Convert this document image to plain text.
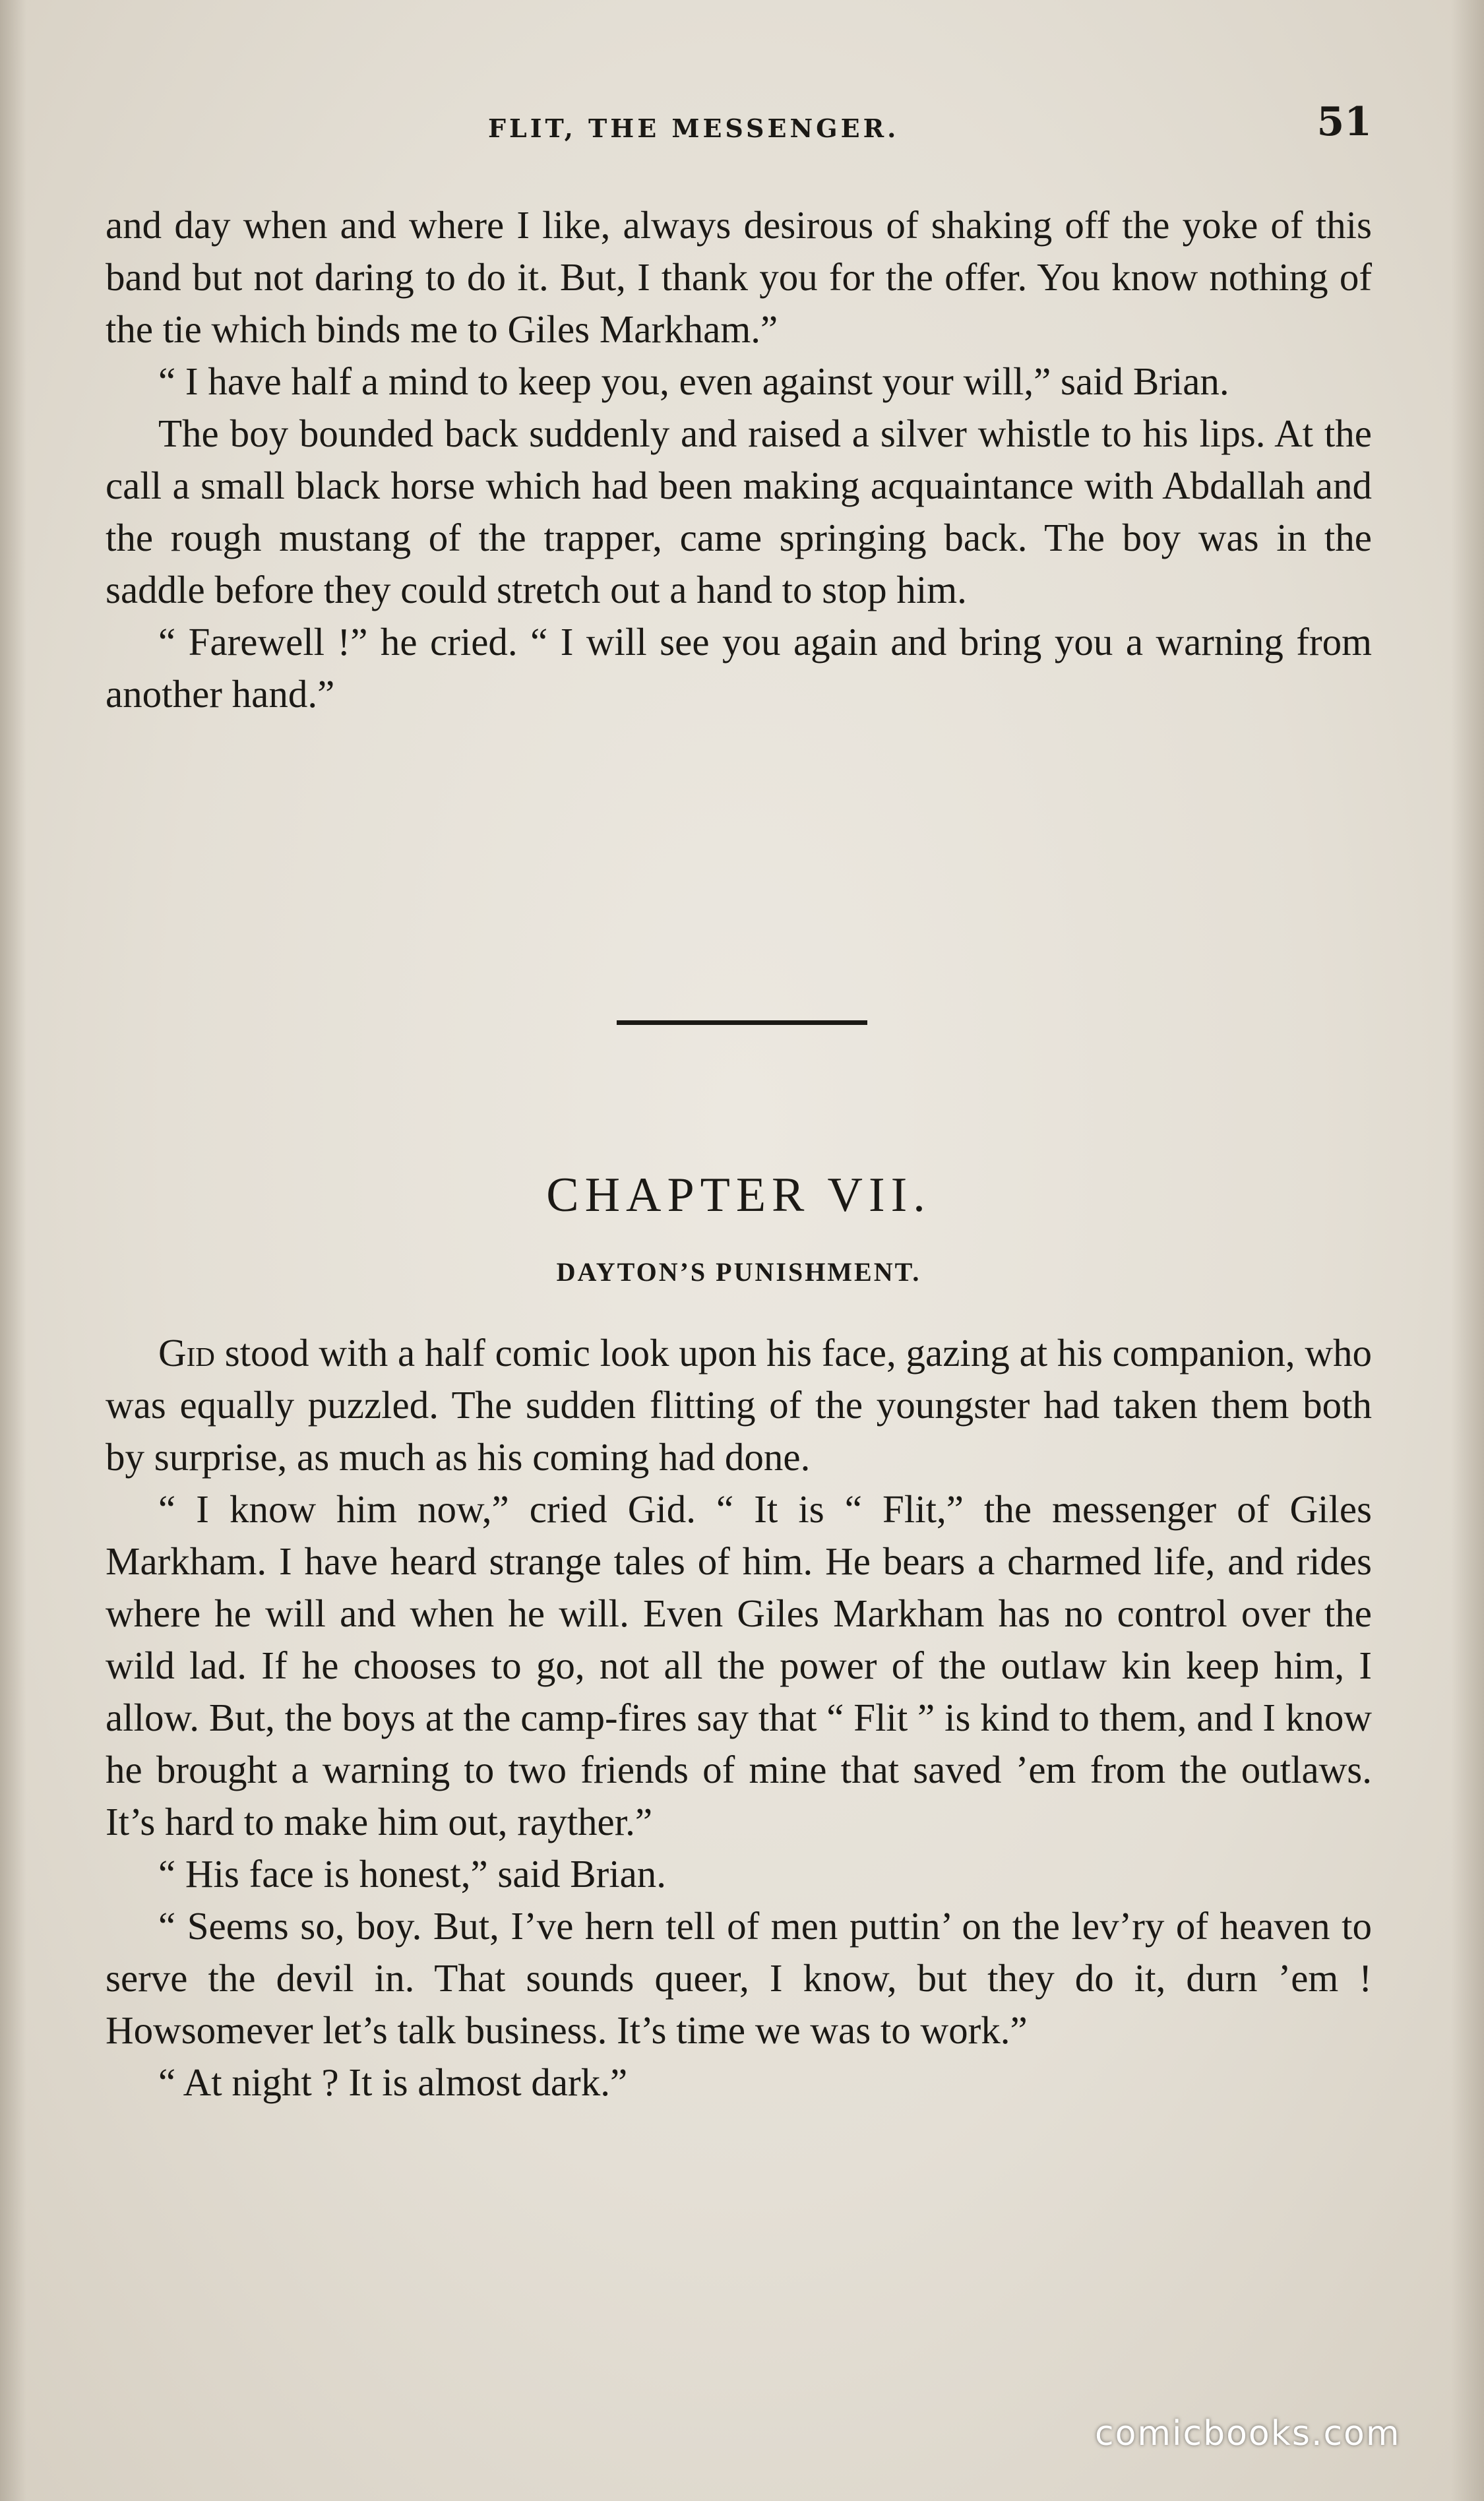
FLIT, THE MESSENGER.	51

and day when and where I like, always desirous of shaking off the yoke of this band but not daring to do it. But, I thank you for the offer. You know nothing of the tie which binds me to Giles Markham.”

“ I have half a mind to keep you, even against your will,” said Brian.

The boy bounded back suddenly and raised a silver whistle to his lips. At the call a small black horse which had been making acquaintance with Abdallah and the rough mustang of the trapper, came springing back. The boy was in the saddle before they could stretch out a hand to stop him.

“ Farewell !” he cried. “ I will see you again and bring you a warning from another hand.”

CHAPTER VII.
DAYTON’S PUNISHMENT.

Gid stood with a half comic look upon his face, gazing at his companion, who was equally puzzled. The sudden flitting of the youngster had taken them both by surprise, as much as his coming had done.

“ I know him now,” cried Gid. “ It is “ Flit,” the messenger of Giles Markham. I have heard strange tales of him. He bears a charmed life, and rides where he will and when he will. Even Giles Markham has no control over the wild lad. If he chooses to go, not all the power of the outlaw kin keep him, I allow. But, the boys at the camp-fires say that “ Flit ” is kind to them, and I know he brought a warning to two friends of mine that saved ’em from the outlaws. It’s hard to make him out, rayther.”

“ His face is honest,” said Brian.

“ Seems so, boy. But, I’ve hern tell of men puttin’ on the lev’ry of heaven to serve the devil in. That sounds queer, I know, but they do it, durn ’em ! Howsomever let’s talk business. It’s time we was to work.”

“ At night ? It is almost dark.”

comicbooks.com
